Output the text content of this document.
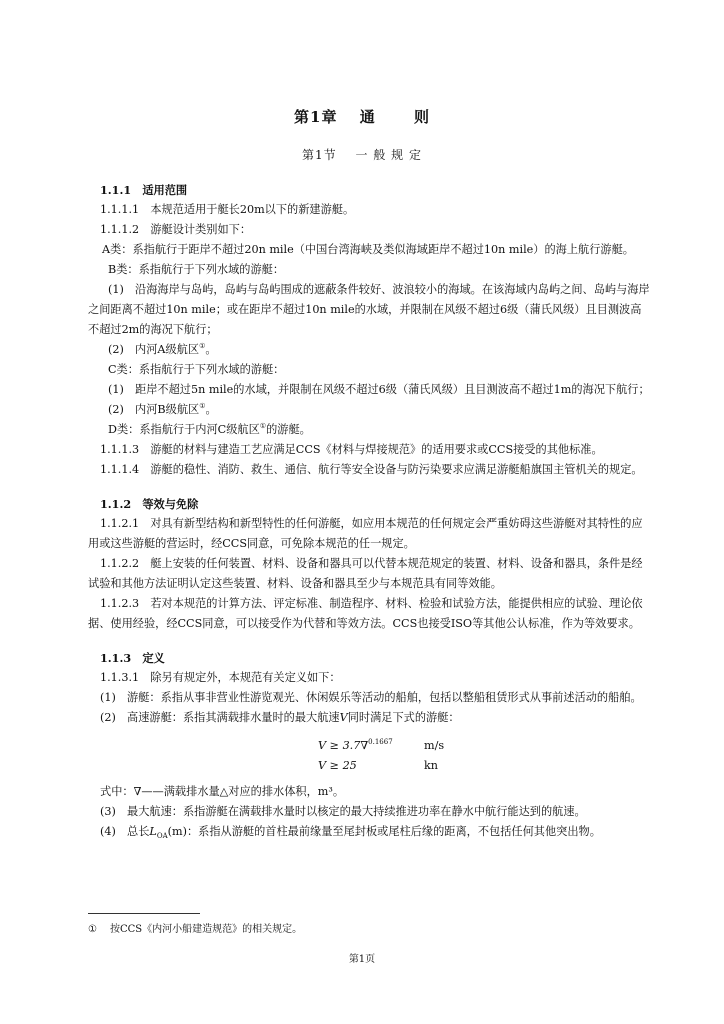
第1章 通	则
第1节 一 般 规 定

1.1.1　适用范围

1.1.1.1　本规范适用于艇长20m以下的新建游艇。

1.1.1.2　游艇设计类别如下：

A类：系指航行于距岸不超过20n mile（中国台湾海峡及类似海域距岸不超过10n mile）的海上航行游艇。

B类：系指航行于下列水域的游艇：

(1)　沿海海岸与岛屿，岛屿与岛屿围成的遮蔽条件较好、波浪较小的海域。在该海域内岛屿之间、岛屿与海岸之间距离不超过10n mile；或在距岸不超过10n mile的水域，并限制在风级不超过6级（蒲氏风级）且目测波高不超过2m的海况下航行；

(2)　内河A级航区①。

C类：系指航行于下列水域的游艇：

(1)　距岸不超过5n mile的水域，并限制在风级不超过6级（蒲氏风级）且目测波高不超过1m的海况下航行；

(2)　内河B级航区①。

D类：系指航行于内河C级航区①的游艇。

1.1.1.3　游艇的材料与建造工艺应满足CCS《材料与焊接规范》的适用要求或CCS接受的其他标准。

1.1.1.4　游艇的稳性、消防、救生、通信、航行等安全设备与防污染要求应满足游艇船旗国主管机关的规定。

1.1.2　等效与免除

1.1.2.1　对具有新型结构和新型特性的任何游艇，如应用本规范的任何规定会严重妨碍这些游艇对其特性的应用或这些游艇的营运时，经CCS同意，可免除本规范的任一规定。

1.1.2.2　艇上安装的任何装置、材料、设备和器具可以代替本规范规定的装置、材料、设备和器具，条件是经试验和其他方法证明认定这些装置、材料、设备和器具至少与本规范具有同等效能。

1.1.2.3　若对本规范的计算方法、评定标准、制造程序、材料、检验和试验方法，能提供相应的试验、理论依据、使用经验，经CCS同意，可以接受作为代替和等效方法。CCS也接受ISO等其他公认标准，作为等效要求。

1.1.3　定义

1.1.3.1　除另有规定外，本规范有关定义如下：

(1)　游艇：系指从事非营业性游览观光、休闲娱乐等活动的船舶，包括以整船租赁形式从事前述活动的船舶。

(2)　高速游艇：系指其满载排水量时的最大航速V同时满足下式的游艇：

V ≥ 3.7∇$^{0.1667}$	m/s
V ≥ 25	kn

式中：∇——满载排水量△对应的排水体积，m³。

(3)　最大航速：系指游艇在满载排水量时以核定的最大持续推进功率在静水中航行能达到的航速。

(4)　总长$L_{OA}(m)$：系指从游艇的首柱最前缘量至尾封板或尾柱后缘的距离，不包括任何其他突出物。

① 按CCS《内河小船建造规范》的相关规定。
第1页
